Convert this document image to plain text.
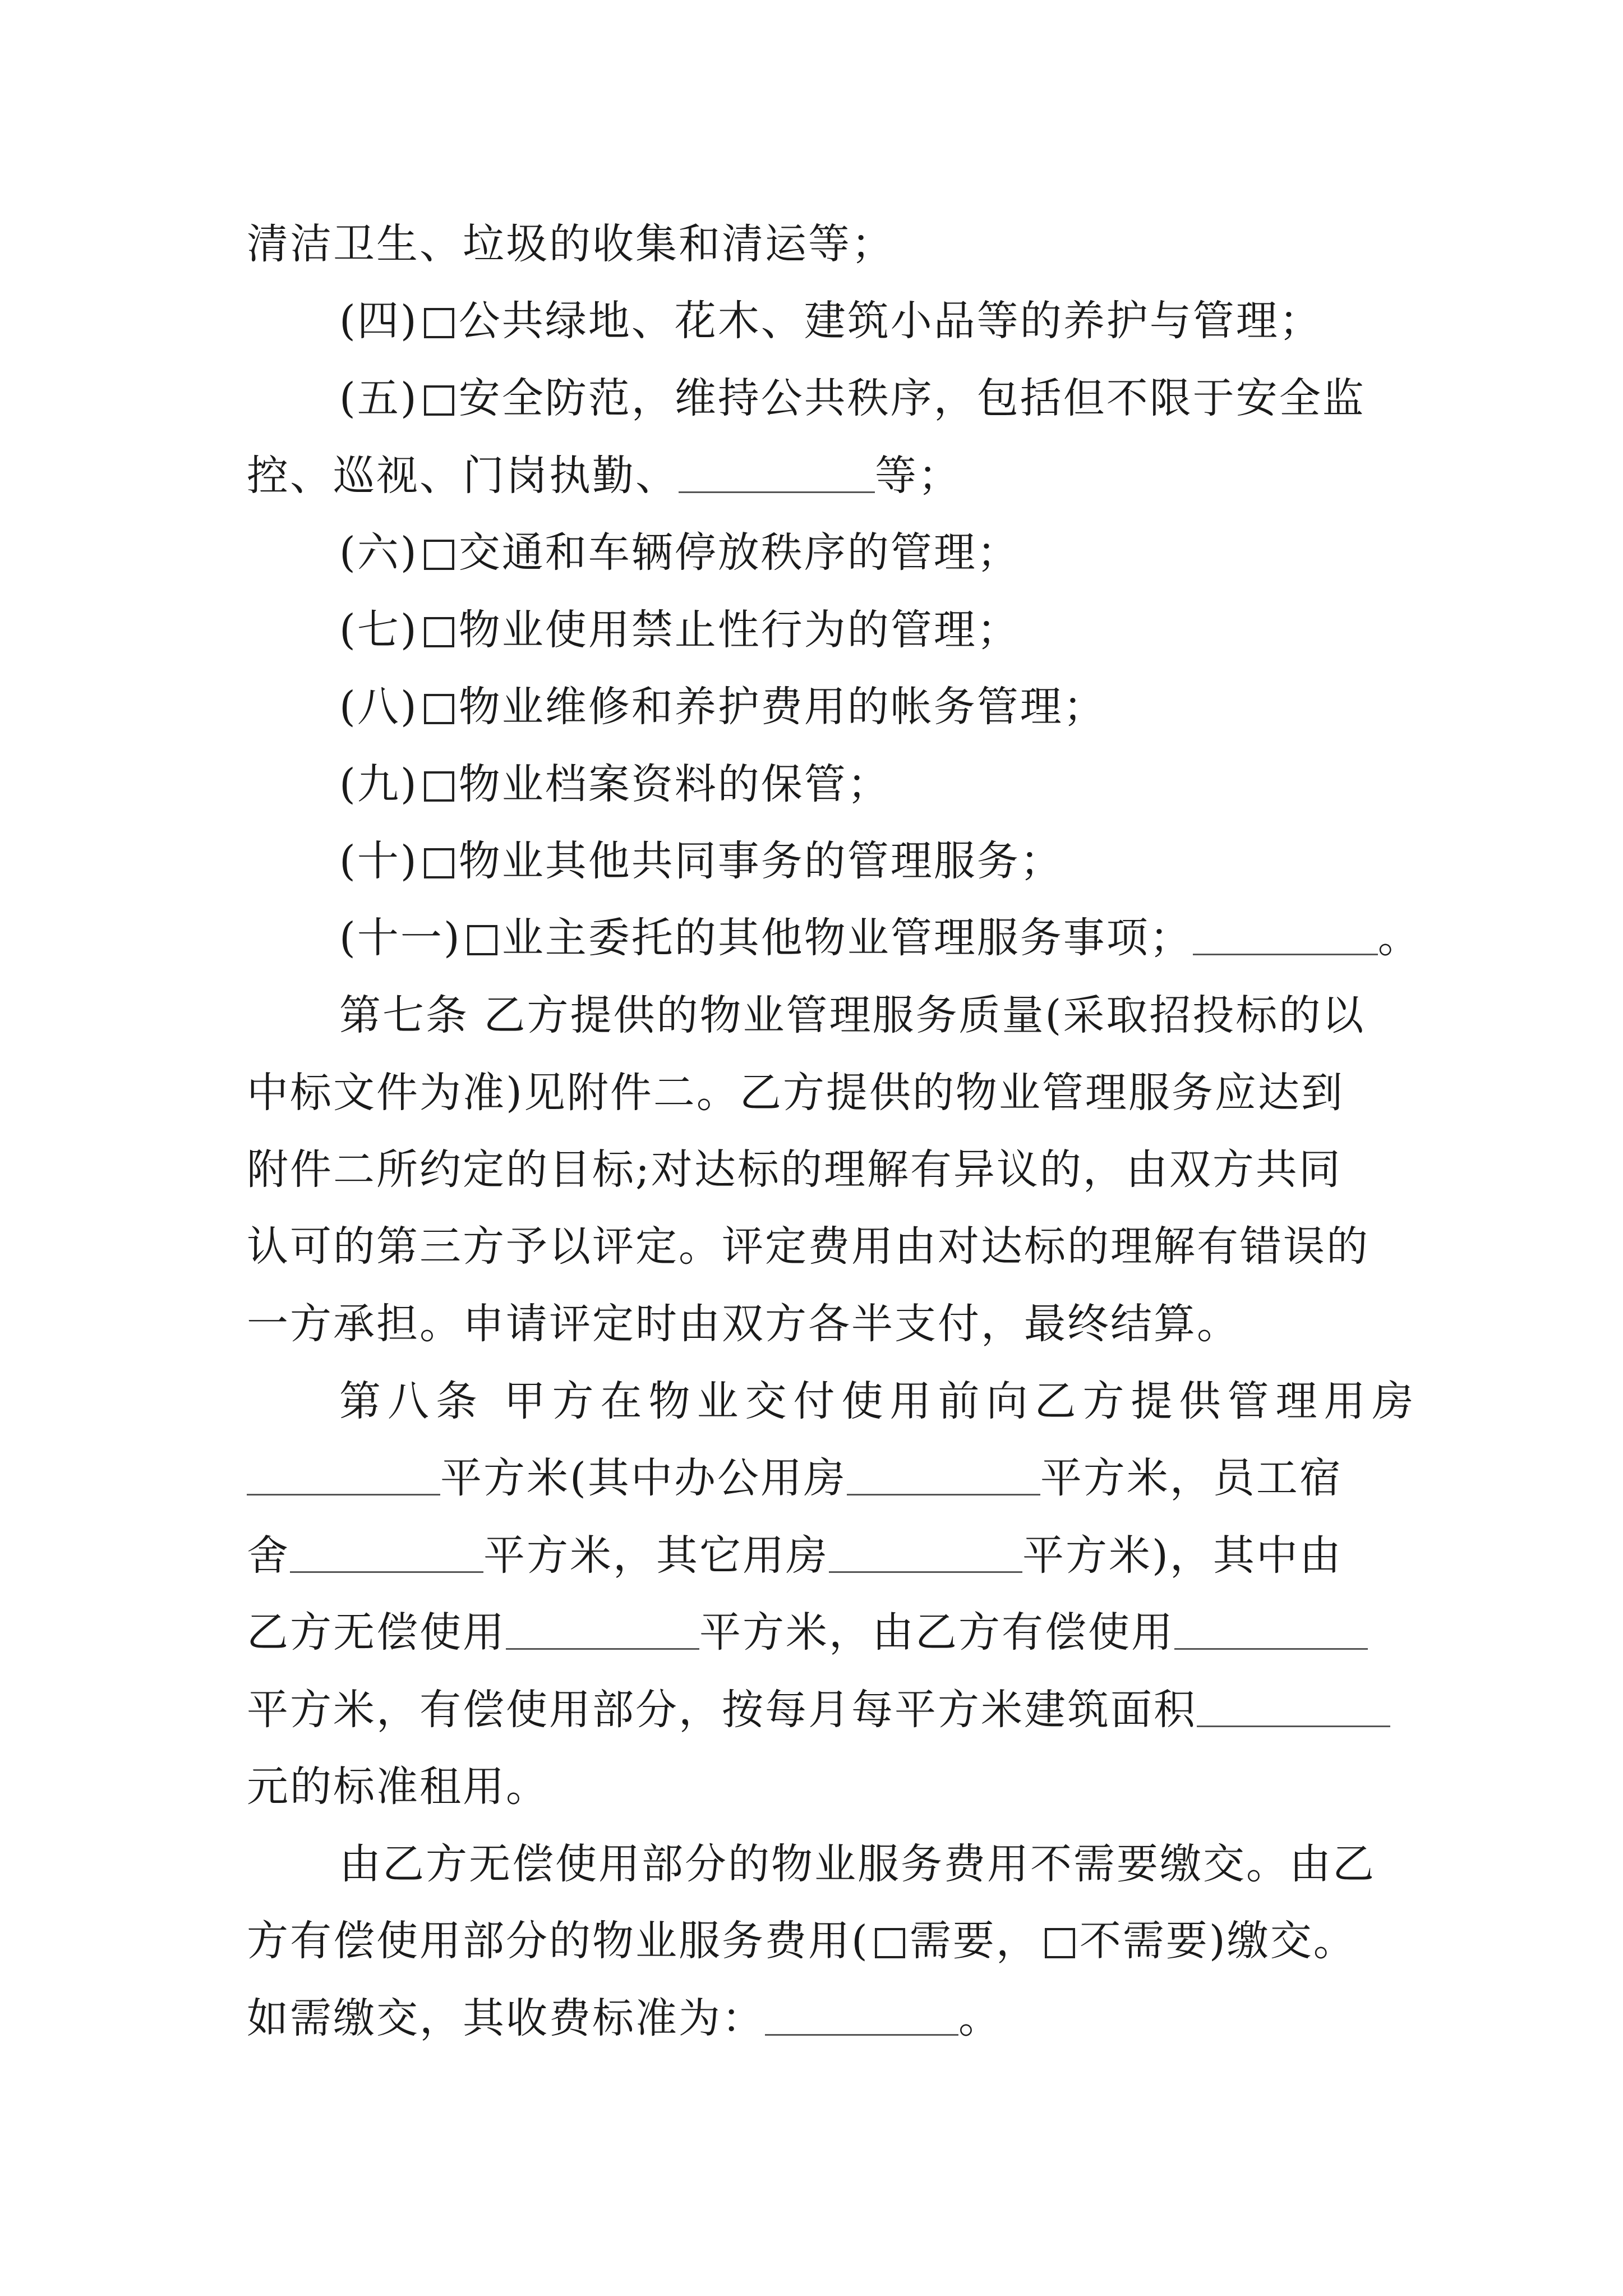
清洁卫生、垃圾的收集和清运等；
(四) 公共绿地、花木、建筑小品等的养护与管理；
(五) 安全防范，维持公共秩序，包括但不限于安全监
控、巡视、门岗执勤、	等；
(六) 交通和车辆停放秩序的管理；
(七) 物业使用禁止性行为的管理；
(八) 物业维修和养护费用的帐务管理；
(九) 物业档案资料的保管；
(十) 物业其他共同事务的管理服务；
(十一) 业主委托的其他物业管理服务事项；	。
第七条 乙方提供的物业管理服务质量(采取招投标的以
中标文件为准)见附件二。乙方提供的物业管理服务应达到
附件二所约定的目标;对达标的理解有异议的，由双方共同
认可的第三方予以评定。评定费用由对达标的理解有错误的
一方承担。申请评定时由双方各半支付，最终结算。
第八条 甲方在物业交付使用前向乙方提供管理用房
平方米(其中办公用房	平方米，员工宿
舍	平方米，其它用房	平方米)，其中由
乙方无偿使用	平方米，由乙方有偿使用
平方米，有偿使用部分，按每月每平方米建筑面积
元的标准租用。
由乙方无偿使用部分的物业服务费用不需要缴交。由乙
方有偿使用部分的物业服务费用( 需要， 不需要)缴交。
如需缴交，其收费标准为：	。
